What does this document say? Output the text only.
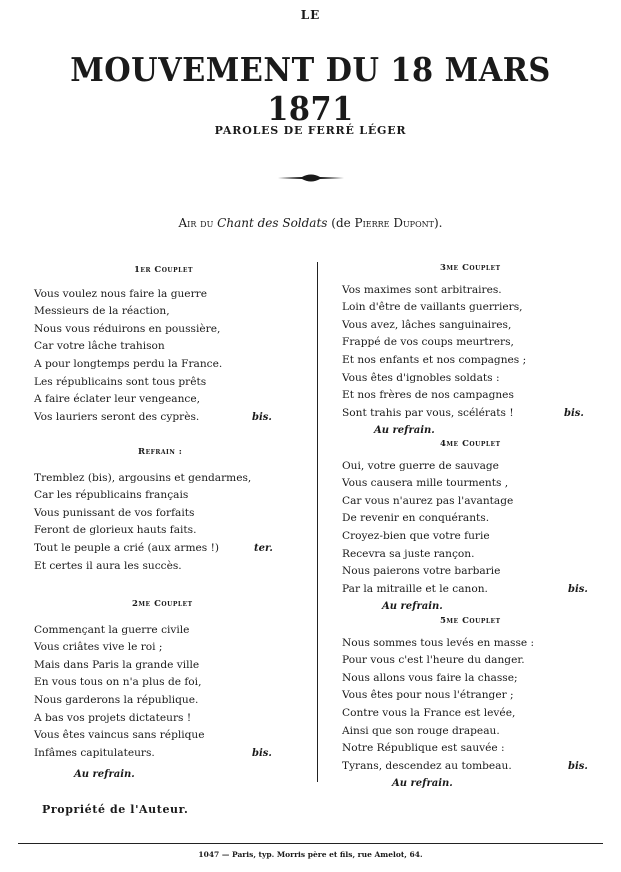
LE
MOUVEMENT DU 18 MARS 1871
PAROLES DE FERRÉ LÉGER
Air du Chant des Soldats (de Pierre Dupont).
1er Couplet
Vous voulez nous faire la guerre
Messieurs de la réaction,
Nous vous réduirons en poussière,
Car votre lâche trahison
A pour longtemps perdu la France.
Les républicains sont tous prêts
A faire éclater leur vengeance,
Vos lauriers seront des cyprès.	bis.
Refrain :
Tremblez (bis), argousins et gendarmes,
Car les républicains français
Vous punissant de vos forfaits
Feront de glorieux hauts faits.
Tout le peuple a crié (aux armes !)	ter.
Et certes il aura les succès.
2me Couplet
Commençant la guerre civile
Vous criâtes vive le roi ;
Mais dans Paris la grande ville
En vous tous on n'a plus de foi,
Nous garderons la république.
A bas vos projets dictateurs !
Vous êtes vaincus sans réplique
Infâmes capitulateurs.	bis.
Au refrain.
3me Couplet
Vos maximes sont arbitraires.
Loin d'être de vaillants guerriers,
Vous avez, lâches sanguinaires,
Frappé de vos coups meurtrers,
Et nos enfants et nos compagnes ;
Vous êtes d'ignobles soldats :
Et nos frères de nos campagnes
Sont trahis par vous, scélérats !	bis.
Au refrain.
4me Couplet
Oui, votre guerre de sauvage
Vous causera mille tourments ,
Car vous n'aurez pas l'avantage
De revenir en conquérants.
Croyez-bien que votre furie
Recevra sa juste rançon.
Nous paierons votre barbarie
Par la mitraille et le canon.	bis.
Au refrain.
5me Couplet
Nous sommes tous levés en masse :
Pour vous c'est l'heure du danger.
Nous allons vous faire la chasse;
Vous êtes pour nous l'étranger ;
Contre vous la France est levée,
Ainsi que son rouge drapeau.
Notre République est sauvée :
Tyrans, descendez au tombeau.	bis.
Au refrain.
Propriété de l'Auteur.
1047 — Paris, typ. Morris père et fils, rue Amelot, 64.
